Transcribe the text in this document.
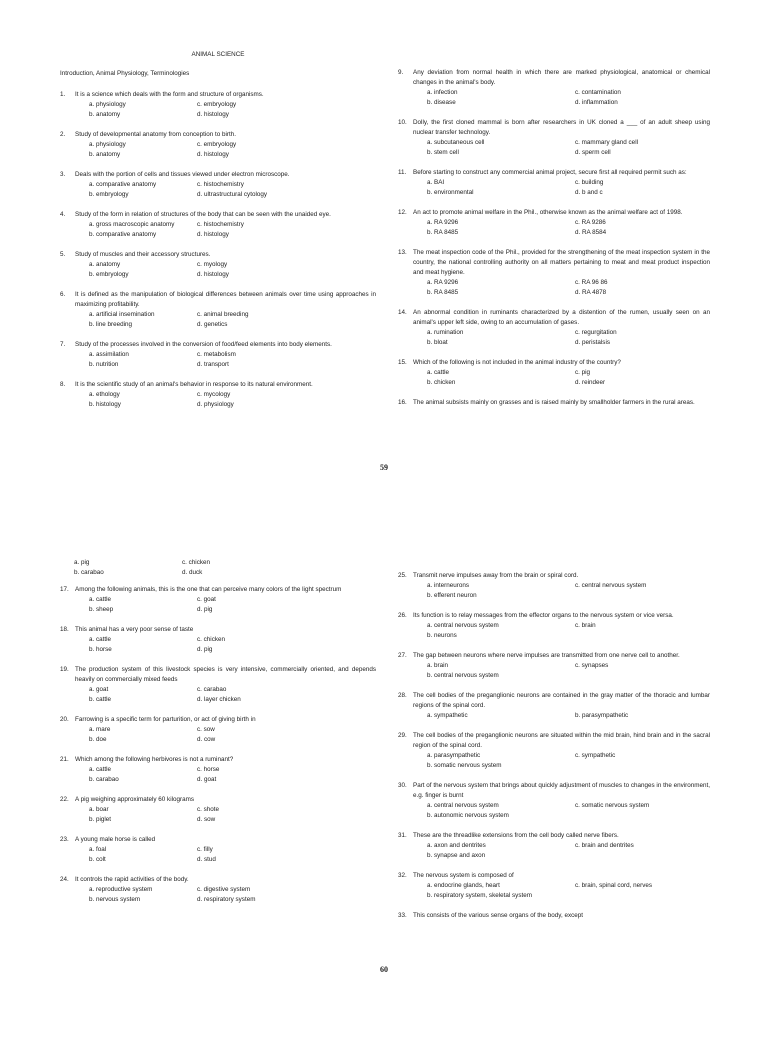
ANIMAL SCIENCE
Introduction, Animal Physiology, Terminologies
1. It is a science which deals with the form and structure of organisms.
a. physiology	c. embryology
b. anatomy	d. histology
2. Study of developmental anatomy from conception to birth.
a. physiology	c. embryology
b. anatomy	d. histology
3. Deals with the portion of cells and tissues viewed under electron microscope.
a. comparative anatomy	c. histochemistry
b. embryology	d. ultrastructural cytology
4. Study of the form in relation of structures of the body that can be seen with the unaided eye.
a. gross macroscopic anatomy	c. histochemistry
b. comparative anatomy	d. histology
5. Study of muscles and their accessory structures.
a. anatomy	c. myology
b. embryology	d. histology
6. It is defined as the manipulation of biological differences between animals over time using approaches in maximizing profitability.
a. artificial insemination	c. animal breeding
b. line breeding	d. genetics
7. Study of the processes involved in the conversion of food/feed elements into body elements.
a. assimilation	c. metabolism
b. nutrition	d. transport
8. It is the scientific study of an animal's behavior in response to its natural environment.
a. ethology	c. mycology
b. histology	d. physiology
9. Any deviation from normal health in which there are marked physiological, anatomical or chemical changes in the animal's body.
a. infection	c. contamination
b. disease	d. inflammation
10. Dolly, the first cloned mammal is born after researchers in UK cloned a ___ of an adult sheep using nuclear transfer technology.
a. subcutaneous cell	c. mammary gland cell
b. stem cell	d. sperm cell
11. Before starting to construct any commercial animal project, secure first all required permit such as:
a. BAI	c. building
b. environmental	d. b and c
12. An act to promote animal welfare in the Phil., otherwise known as the animal welfare act of 1998.
a. RA 9296	c. RA 9286
b. RA 8485	d. RA 8584
13. The meat inspection code of the Phil., provided for the strengthening of the meat inspection system in the country, the national controlling authority on all matters pertaining to meat and meat product inspection and meat hygiene.
a. RA 9296	c. RA 96 86
b. RA 8485	d. RA 4878
14. An abnormal condition in ruminants characterized by a distention of the rumen, usually seen on an animal's upper left side, owing to an accumulation of gases.
a. rumination	c. regurgitation
b. bloat	d. peristalsis
15. Which of the following is not included in the animal industry of the country?
a. cattle	c. pig
b. chicken	d. reindeer
16. The animal subsists mainly on grasses and is raised mainly by smallholder farmers in the rural areas.
59
a. pig	c. chicken
b. carabao	d. duck
17. Among the following animals, this is the one that can perceive many colors of the light spectrum
a. cattle	c. goat
b. sheep	d. pig
18. This animal has a very poor sense of taste
a. cattle	c. chicken
b. horse	d. pig
19. The production system of this livestock species is very intensive, commercially oriented, and depends heavily on commercially mixed feeds
a. goat	c. carabao
b. cattle	d. layer chicken
20. Farrowing is a specific term for parturition, or act of giving birth in
a. mare	c. sow
b. doe	d. cow
21. Which among the following herbivores is not a ruminant?
a. cattle	c. horse
b. carabao	d. goat
22. A pig weighing approximately 60 kilograms
a. boar	c. shote
b. piglet	d. sow
23. A young male horse is called
a. foal	c. filly
b. colt	d. stud
24. It controls the rapid activities of the body.
a. reproductive system	c. digestive system
b. nervous system	d. respiratory system
25. Transmit nerve impulses away from the brain or spiral cord.
a. interneurons	c. central nervous system
b. efferent neuron
26. Its function is to relay messages from the effector organs to the nervous system or vice versa.
a. central nervous system	c. brain
b. neurons
27. The gap between neurons where nerve impulses are transmitted from one nerve cell to another.
a. brain	c. synapses
b. central nervous system
28. The cell bodies of the preganglionic neurons are contained in the gray matter of the thoracic and lumbar regions of the spinal cord.
a. sympathetic	b. parasympathetic
29. The cell bodies of the preganglionic neurons are situated within the mid brain, hind brain and in the sacral region of the spinal cord.
a. parasympathetic	c. sympathetic
b. somatic nervous system
30. Part of the nervous system that brings about quickly adjustment of muscles to changes in the environment, e.g. finger is burnt
a. central nervous system	c. somatic nervous system
b. autonomic nervous system
31. These are the threadlike extensions from the cell body called nerve fibers.
a. axon and dentrites	c. brain and dentrites
b. synapse and axon
32. The nervous system is composed of
a. endocrine glands, heart	c. brain, spinal cord, nerves
b. respiratory system, skeletal system
33. This consists of the various sense organs of the body, except
60
